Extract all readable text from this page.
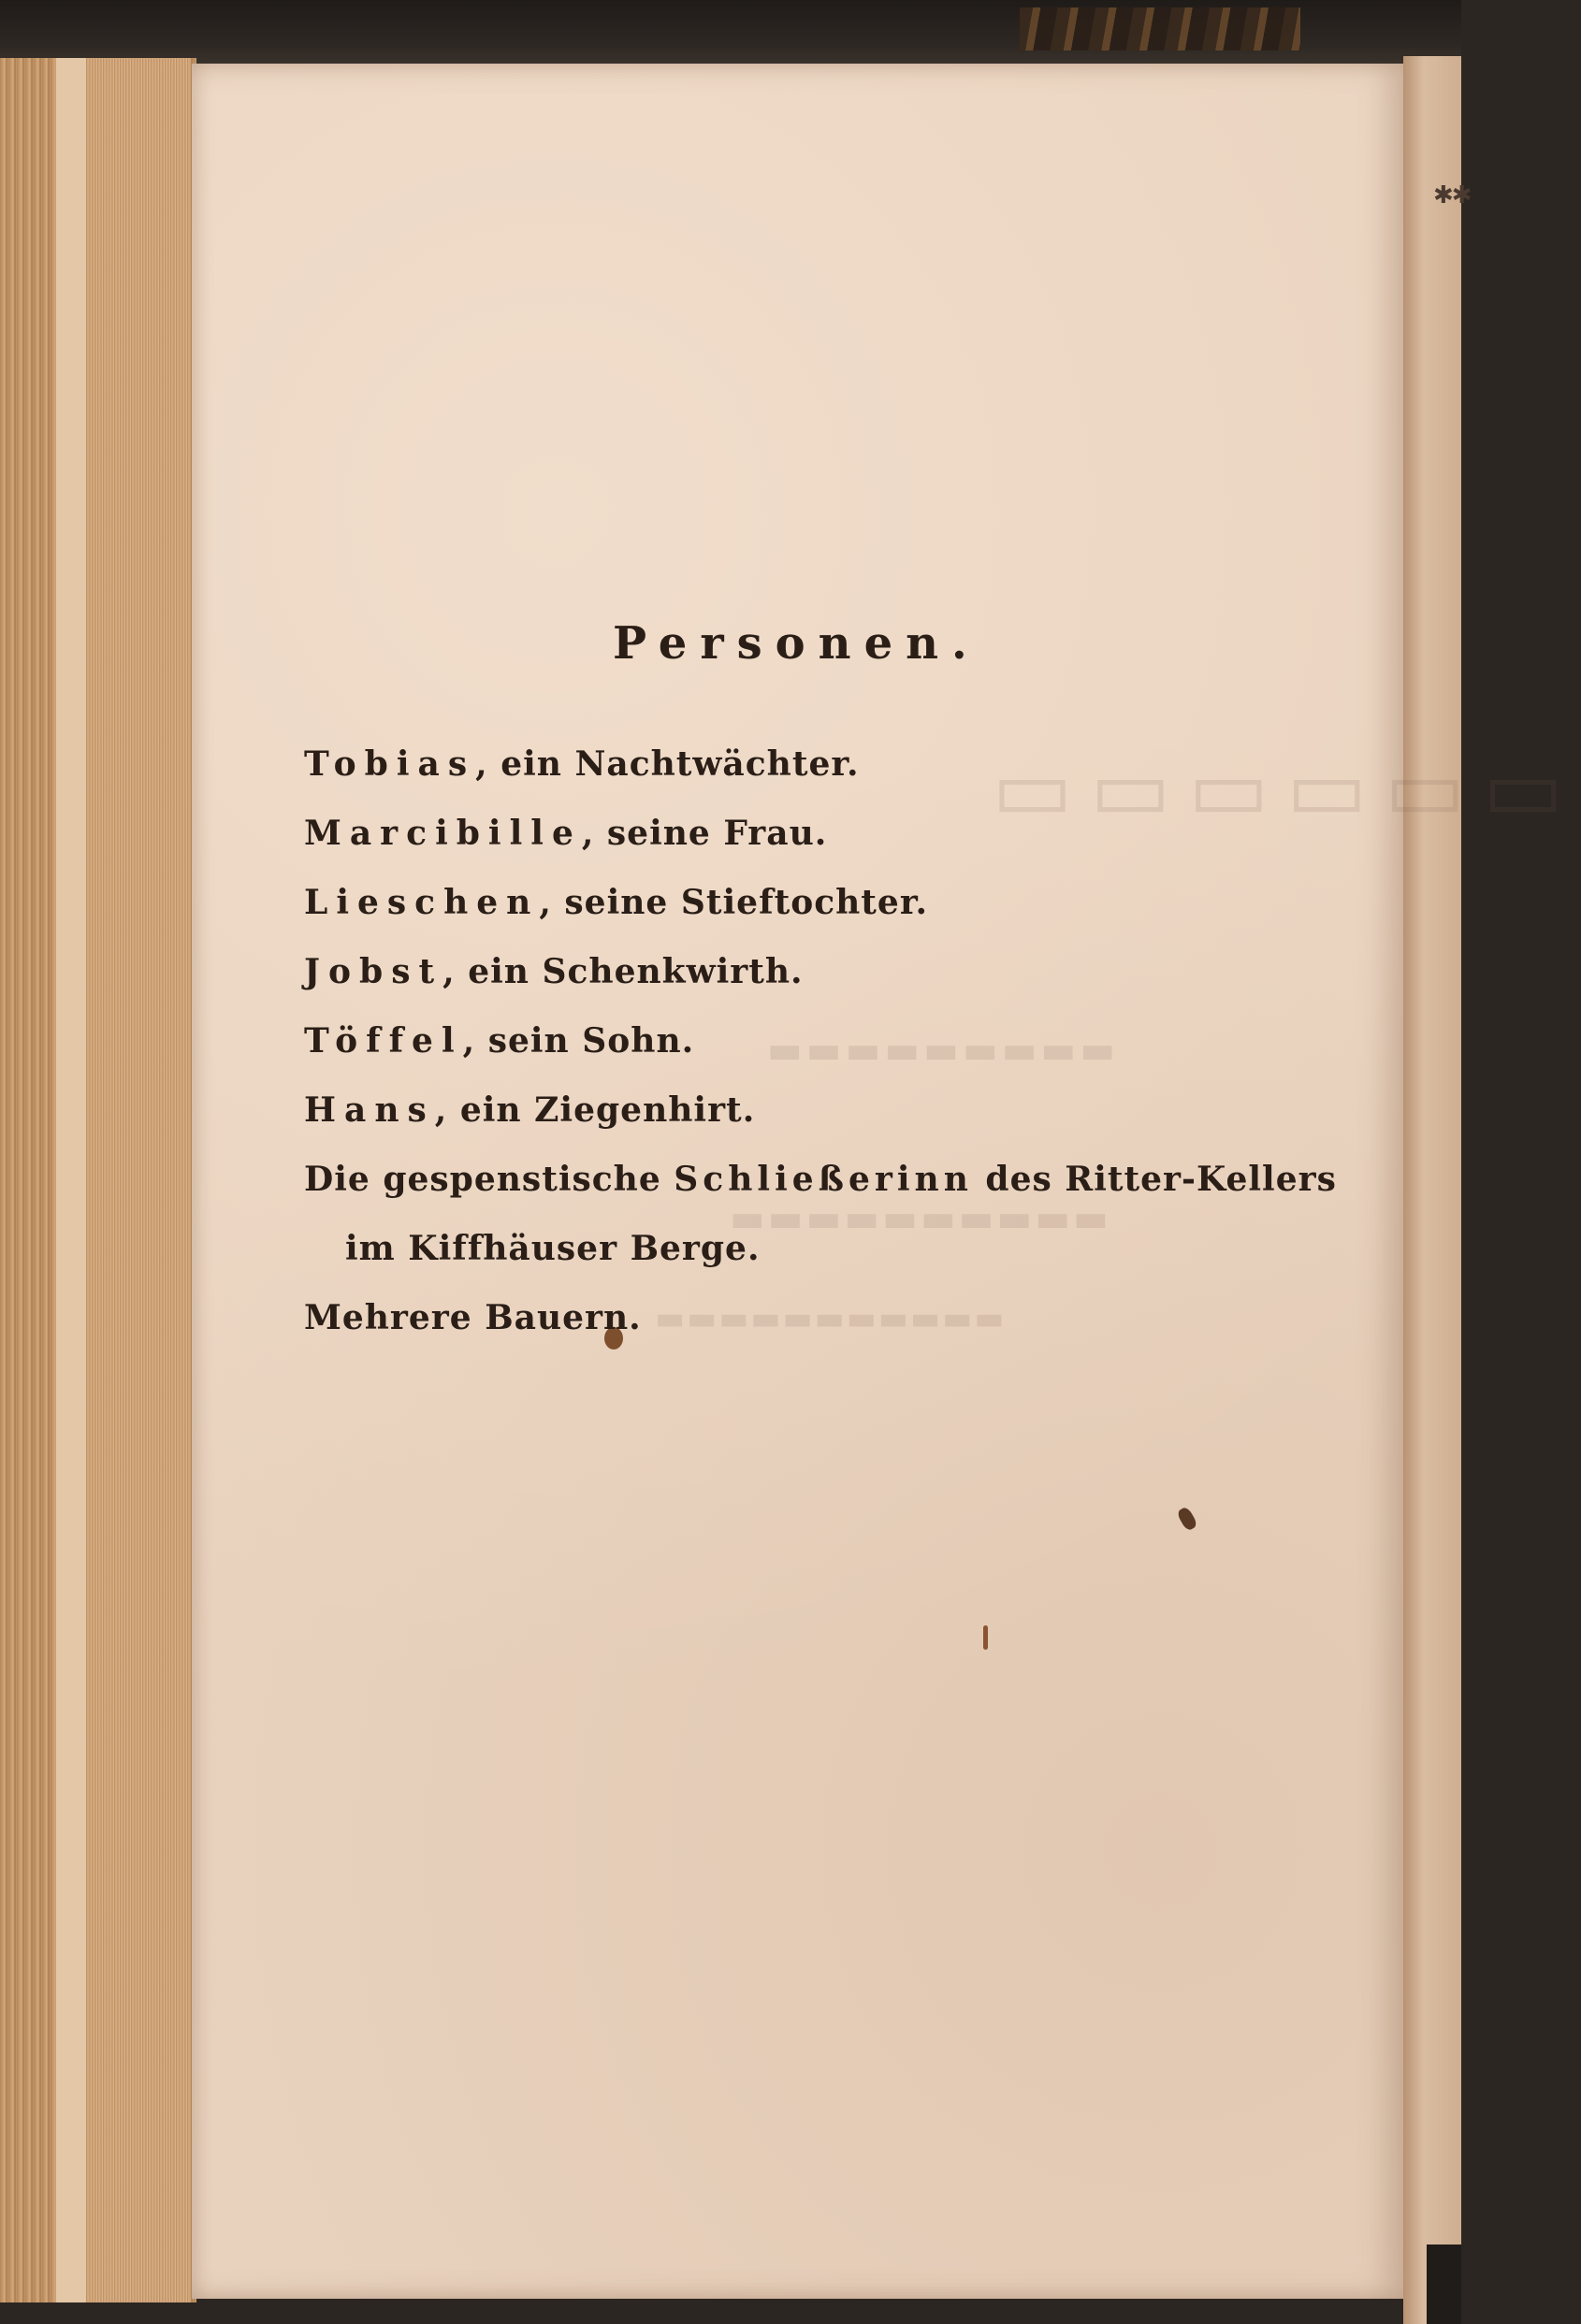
✱✱
▭▭▭▭▭▭
▬▬▬▬▬▬▬▬▬
▬▬▬▬▬▬▬▬▬▬
▬▬▬▬▬▬▬▬▬▬▬
Personen.
Tobias, ein Nachtwächter.
Marcibille, seine Frau.
Lieschen, seine Stieftochter.
Jobst, ein Schenkwirth.
Töffel, sein Sohn.
Hans, ein Ziegenhirt.
Die gespenstische Schließerinn des Ritter-Kellers
im Kiffhäuser Berge.
Mehrere Bauern.
